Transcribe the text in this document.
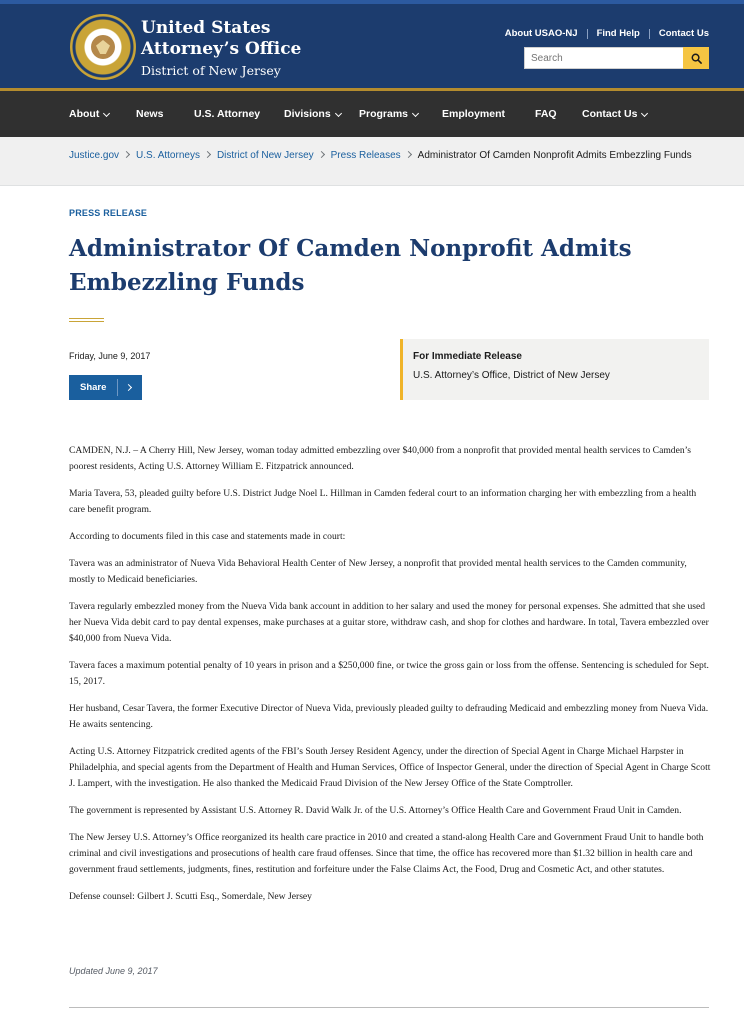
United States
Attorney’s Office
District of New Jersey
About USAO-NJ Find Help Contact Us
Search
About	News	U.S. Attorney Divisions	Programs	Employment	FAQ Contact Us
Justice.gov U.S. Attorneys District of New Jersey Press Releases Administrator Of Camden Nonprofit Admits Embezzling Funds
PRESS RELEASE
Administrator Of Camden Nonprofit Admits Embezzling Funds
Friday, June 9, 2017
Share
For Immediate Release
U.S. Attorney’s Office, District of New Jersey

CAMDEN, N.J. – A Cherry Hill, New Jersey, woman today admitted embezzling over $40,000 from a nonprofit that provided mental health services to Camden’s poorest residents, Acting U.S. Attorney William E. Fitzpatrick announced.

Maria Tavera, 53, pleaded guilty before U.S. District Judge Noel L. Hillman in Camden federal court to an information charging her with embezzling from a health care benefit program.

According to documents filed in this case and statements made in court:

Tavera was an administrator of Nueva Vida Behavioral Health Center of New Jersey, a nonprofit that provided mental health services to the Camden community, mostly to Medicaid beneficiaries.

Tavera regularly embezzled money from the Nueva Vida bank account in addition to her salary and used the money for personal expenses. She admitted that she used her Nueva Vida debit card to pay dental expenses, make purchases at a guitar store, withdraw cash, and shop for clothes and hardware. In total, Tavera embezzled over $40,000 from Nueva Vida.

Tavera faces a maximum potential penalty of 10 years in prison and a $250,000 fine, or twice the gross gain or loss from the offense. Sentencing is scheduled for Sept. 15, 2017.

Her husband, Cesar Tavera, the former Executive Director of Nueva Vida, previously pleaded guilty to defrauding Medicaid and embezzling money from Nueva Vida. He awaits sentencing.

Acting U.S. Attorney Fitzpatrick credited agents of the FBI’s South Jersey Resident Agency, under the direction of Special Agent in Charge Michael Harpster in Philadelphia, and special agents from the Department of Health and Human Services, Office of Inspector General, under the direction of Special Agent in Charge Scott J. Lampert, with the investigation. He also thanked the Medicaid Fraud Division of the New Jersey Office of the State Comptroller.

The government is represented by Assistant U.S. Attorney R. David Walk Jr. of the U.S. Attorney’s Office Health Care and Government Fraud Unit in Camden.

The New Jersey U.S. Attorney’s Office reorganized its health care practice in 2010 and created a stand-along Health Care and Government Fraud Unit to handle both criminal and civil investigations and prosecutions of health care fraud offenses. Since that time, the office has recovered more than $1.32 billion in health care and government fraud settlements, judgments, fines, restitution and forfeiture under the False Claims Act, the Food, Drug and Cosmetic Act, and other statutes.

Defense counsel: Gilbert J. Scutti Esq., Somerdale, New Jersey

Updated June 9, 2017
